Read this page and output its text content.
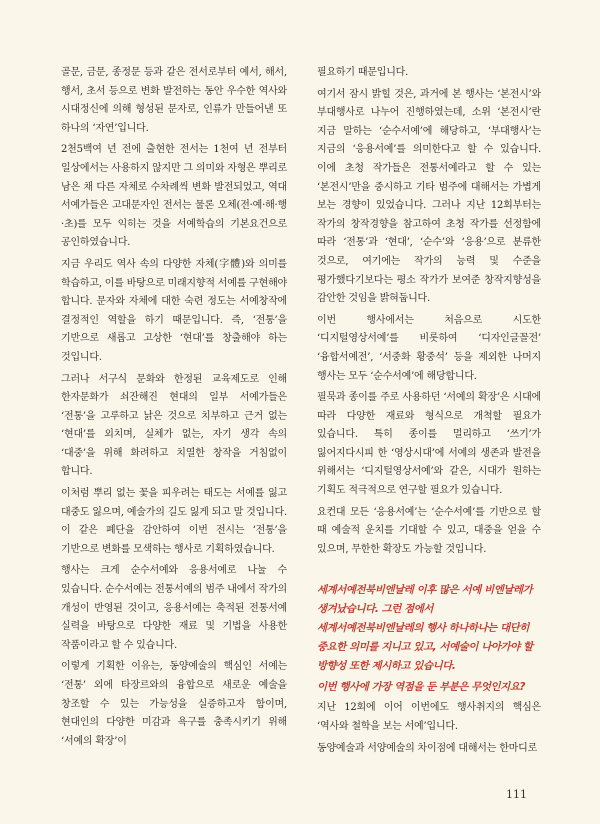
골문, 금문, 종정문 등과 같은 전서로부터 예서, 해서, 행서, 초서 등으로 변화 발전하는 동안 우수한 역사와 시대정신에 의해 형성된 문자로, 인류가 만들어낸 또 하나의 ‘자연’입니다.

2천5백여 년 전에 출현한 전서는 1천여 년 전부터 일상에서는 사용하지 않지만 그 의미와 자형은 뿌리로 남은 채 다른 자체로 수차례씩 변화 발전되었고, 역대 서예가들은 고대문자인 전서는 물론 오체(전·예·해·행·초)를 모두 익히는 것을 서예학습의 기본요건으로 공인하였습니다.

지금 우리도 역사 속의 다양한 자체(字體)와 의미를 학습하고, 이를 바탕으로 미래지향적 서예를 구현해야 합니다. 문자와 자체에 대한 숙련 정도는 서예창작에 결정적인 역할을 하기 때문입니다. 즉, ‘전통’을 기반으로 새롭고 고상한 ‘현대’를 창출해야 하는 것입니다.

그러나 서구식 문화와 한정된 교육제도로 인해 한자문화가 쇠잔해진 현대의 일부 서예가들은 ‘전통’을 고루하고 낡은 것으로 치부하고 근거 없는 ‘현대’를 외치며, 실체가 없는, 자기 생각 속의 ‘대중’을 위해 화려하고 치열한 창작을 거침없이 합니다.

이처럼 뿌리 없는 꽃을 피우려는 태도는 서예를 잃고 대중도 잃으며, 예술가의 길도 잃게 되고 말 것입니다. 이 같은 폐단을 감안하여 이번 전시는 ‘전통’을 기반으로 변화를 모색하는 행사로 기획하였습니다.

행사는 크게 순수서예와 응용서예로 나눌 수 있습니다. 순수서예는 전통서예의 범주 내에서 작가의 개성이 반영된 것이고, 응용서예는 축적된 전통서예 실력을 바탕으로 다양한 재료 및 기법을 사용한 작품이라고 할 수 있습니다.

이렇게 기획한 이유는, 동양예술의 핵심인 서예는 ‘전통’ 외에 타장르와의 융합으로 새로운 예술을 창조할 수 있는 가능성을 실증하고자 함이며, 현대인의 다양한 미감과 욕구를 충족시키기 위해 ‘서예의 확장’이

필요하기 때문입니다.

여기서 잠시 밝힐 것은, 과거에 본 행사는 ‘본전시’와 부대행사로 나누어 진행하였는데, 소위 ‘본전시’란 지금 말하는 ‘순수서예’에 해당하고, ‘부대행사’는 지금의 ‘응용서예’를 의미한다고 할 수 있습니다. 이에 초청 작가들은 전통서예라고 할 수 있는 ‘본전시’만을 중시하고 기타 범주에 대해서는 가볍게 보는 경향이 있었습니다. 그러나 지난 12회부터는 작가의 창작경향을 참고하여 초청 작가를 선정함에 따라 ‘전통’과 ‘현대’, ‘순수’와 ‘응용’으로 분류한 것으로, 여기에는 작가의 능력 및 수준을 평가했다기보다는 평소 작가가 보여준 창작지향성을 감안한 것임을 밝혀둡니다.

이번 행사에서는 처음으로 시도한 ‘디지털영상서예’를 비롯하여 ‘디자인글꼴전’ ‘융합서예전’, ‘서중화 황중석’ 등을 제외한 나머지 행사는 모두 ‘순수서예’에 해당합니다.

필묵과 종이를 주로 사용하던 ‘서예의 확장’은 시대에 따라 다양한 재료와 형식으로 개척할 필요가 있습니다. 특히 종이를 멀리하고 ‘쓰기’가 잃어지다시피 한 ‘영상시대’에 서예의 생존과 발전을 위해서는 ‘디지털영상서예’와 같은, 시대가 원하는 기획도 적극적으로 연구할 필요가 있습니다.

요컨대 모든 ‘응용서예’는 ‘순수서예’를 기반으로 할 때 예술적 운치를 기대할 수 있고, 대중을 얻을 수 있으며, 무한한 확장도 가능할 것입니다.

세계서예전북비엔날레 이후 많은 서예 비엔날레가 생겨났습니다. 그런 점에서 세계서예전북비엔날레의 행사 하나하나는 대단히 중요한 의미를 지니고 있고, 서예술이 나아가야 할 방향성 또한 제시하고 있습니다.

이번 행사에 가장 역점을 둔 부분은 무엇인지요?

지난 12회에 이어 이번에도 행사취지의 핵심은 ‘역사와 철학을 보는 서예’입니다.

동양예술과 서양예술의 차이점에 대해서는 한마디로

111
